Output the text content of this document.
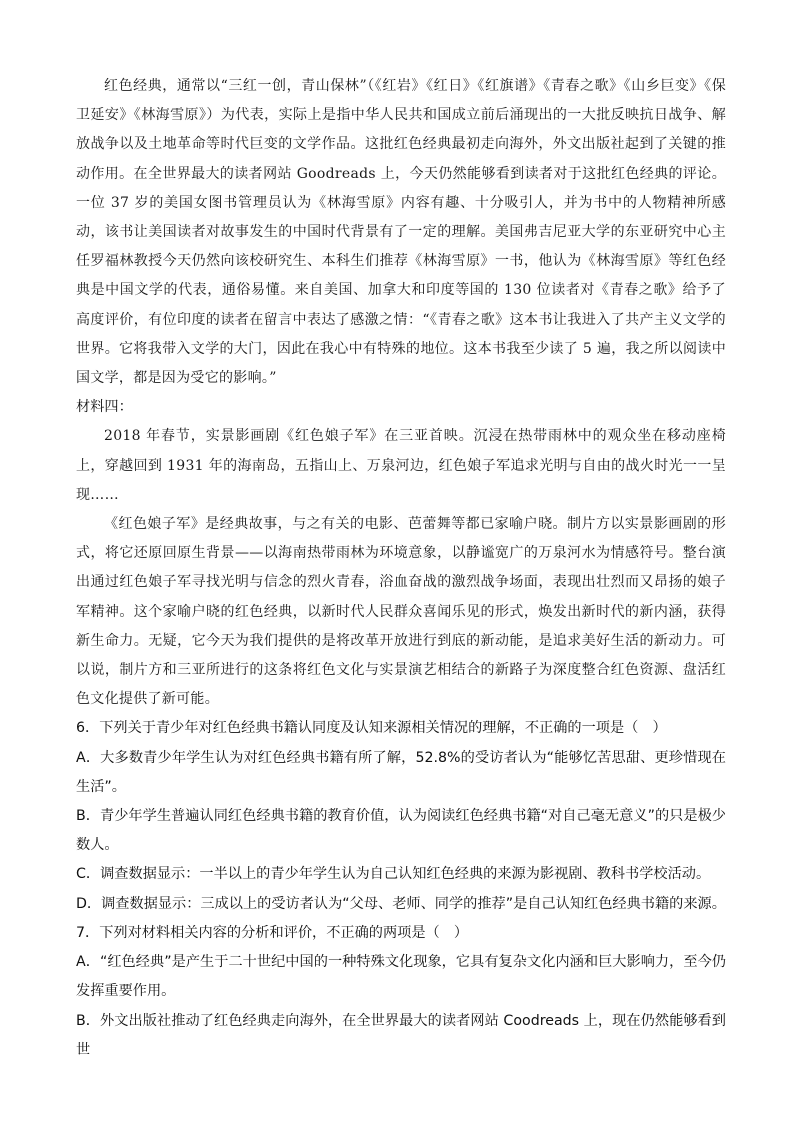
红色经典，通常以“三红一创，青山保林”（《红岩》《红日》《红旗谱》《青春之歌》《山乡巨变》《保卫延安》《林海雪原》）为代表，实际上是指中华人民共和国成立前后涌现出的一大批反映抗日战争、解放战争以及土地革命等时代巨变的文学作品。这批红色经典最初走向海外，外文出版社起到了关键的推动作用。在全世界最大的读者网站 Goodreads 上，今天仍然能够看到读者对于这批红色经典的评论。一位 37 岁的美国女图书管理员认为《林海雪原》内容有趣、十分吸引人，并为书中的人物精神所感动，该书让美国读者对故事发生的中国时代背景有了一定的理解。美国弗吉尼亚大学的东亚研究中心主任罗福林教授今天仍然向该校研究生、本科生们推荐《林海雪原》一书，他认为《林海雪原》等红色经典是中国文学的代表，通俗易懂。来自美国、加拿大和印度等国的 130 位读者对《青春之歌》给予了高度评价，有位印度的读者在留言中表达了感激之情：“《青春之歌》这本书让我进入了共产主义文学的世界。它将我带入文学的大门，因此在我心中有特殊的地位。这本书我至少读了 5 遍，我之所以阅读中国文学，都是因为受它的影响。”

材料四：

2018 年春节，实景影画剧《红色娘子军》在三亚首映。沉浸在热带雨林中的观众坐在移动座椅上，穿越回到 1931 年的海南岛，五指山上、万泉河边，红色娘子军追求光明与自由的战火时光一一呈现……

《红色娘子军》是经典故事，与之有关的电影、芭蕾舞等都已家喻户晓。制片方以实景影画剧的形式，将它还原回原生背景——以海南热带雨林为环境意象，以静谧宽广的万泉河水为情感符号。整台演出通过红色娘子军寻找光明与信念的烈火青春，浴血奋战的激烈战争场面，表现出壮烈而又昂扬的娘子军精神。这个家喻户晓的红色经典，以新时代人民群众喜闻乐见的形式，焕发出新时代的新内涵，获得新生命力。无疑，它今天为我们提供的是将改革开放进行到底的新动能，是追求美好生活的新动力。可以说，制片方和三亚所进行的这条将红色文化与实景演艺相结合的新路子为深度整合红色资源、盘活红色文化提供了新可能。

6．下列关于青少年对红色经典书籍认同度及认知来源相关情况的理解，不正确的一项是（　）

A．大多数青少年学生认为对红色经典书籍有所了解，52.8%的受访者认为“能够忆苦思甜、更珍惜现在生活”。

B．青少年学生普遍认同红色经典书籍的教育价值，认为阅读红色经典书籍“对自己毫无意义”的只是极少数人。

C．调查数据显示：一半以上的青少年学生认为自己认知红色经典的来源为影视剧、教科书学校活动。

D．调查数据显示：三成以上的受访者认为“父母、老师、同学的推荐”是自己认知红色经典书籍的来源。

7．下列对材料相关内容的分析和评价，不正确的两项是（　）

A．“红色经典”是产生于二十世纪中国的一种特殊文化现象，它具有复杂文化内涵和巨大影响力，至今仍发挥重要作用。

B．外文出版社推动了红色经典走向海外，在全世界最大的读者网站 Coodreads 上，现在仍然能够看到世
